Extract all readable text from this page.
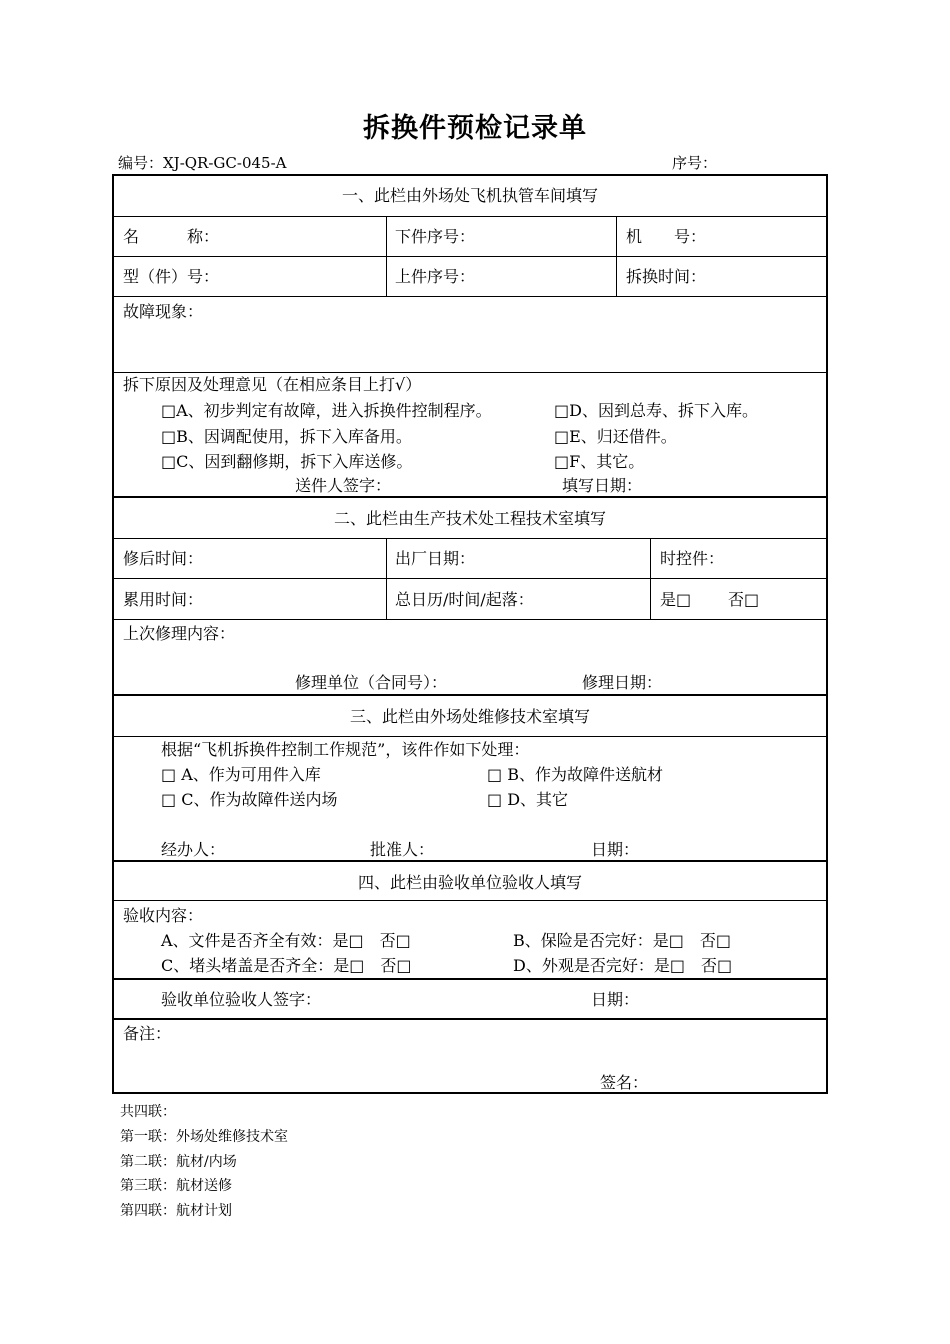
拆换件预检记录单
编号：XJ-QR-GC-045-A	序号：
一、此栏由外场处飞机执管车间填写
名　　　称：	下件序号：	机　　号：
型（件）号：	上件序号：	拆换时间：
故障现象：
拆下原因及处理意见（在相应条目上打√）
□A、初步判定有故障，进入拆换件控制程序。	□D、因到总寿、拆下入库。
□B、因调配使用，拆下入库备用。	□E、归还借件。
□C、因到翻修期，拆下入库送修。	□F、其它。
送件人签字：	填写日期：
二、此栏由生产技术处工程技术室填写
修后时间：	出厂日期：	时控件：
累用时间：	总日历/时间/起落：	是□ 否□
上次修理内容：
修理单位（合同号）：	修理日期：
三、此栏由外场处维修技术室填写
根据“飞机拆换件控制工作规范”，该件作如下处理：
□ A、作为可用件入库	□ B、作为故障件送航材
□ C、作为故障件送内场	□ D、其它
经办人：	批准人：	日期：
四、此栏由验收单位验收人填写
验收内容：
A、文件是否齐全有效：是□　否□	B、保险是否完好：是□　否□
C、堵头堵盖是否齐全：是□　否□	D、外观是否完好：是□　否□
验收单位验收人签字：	日期：
备注：
签名：
共四联：
第一联：外场处维修技术室
第二联：航材/内场
第三联：航材送修
第四联：航材计划
